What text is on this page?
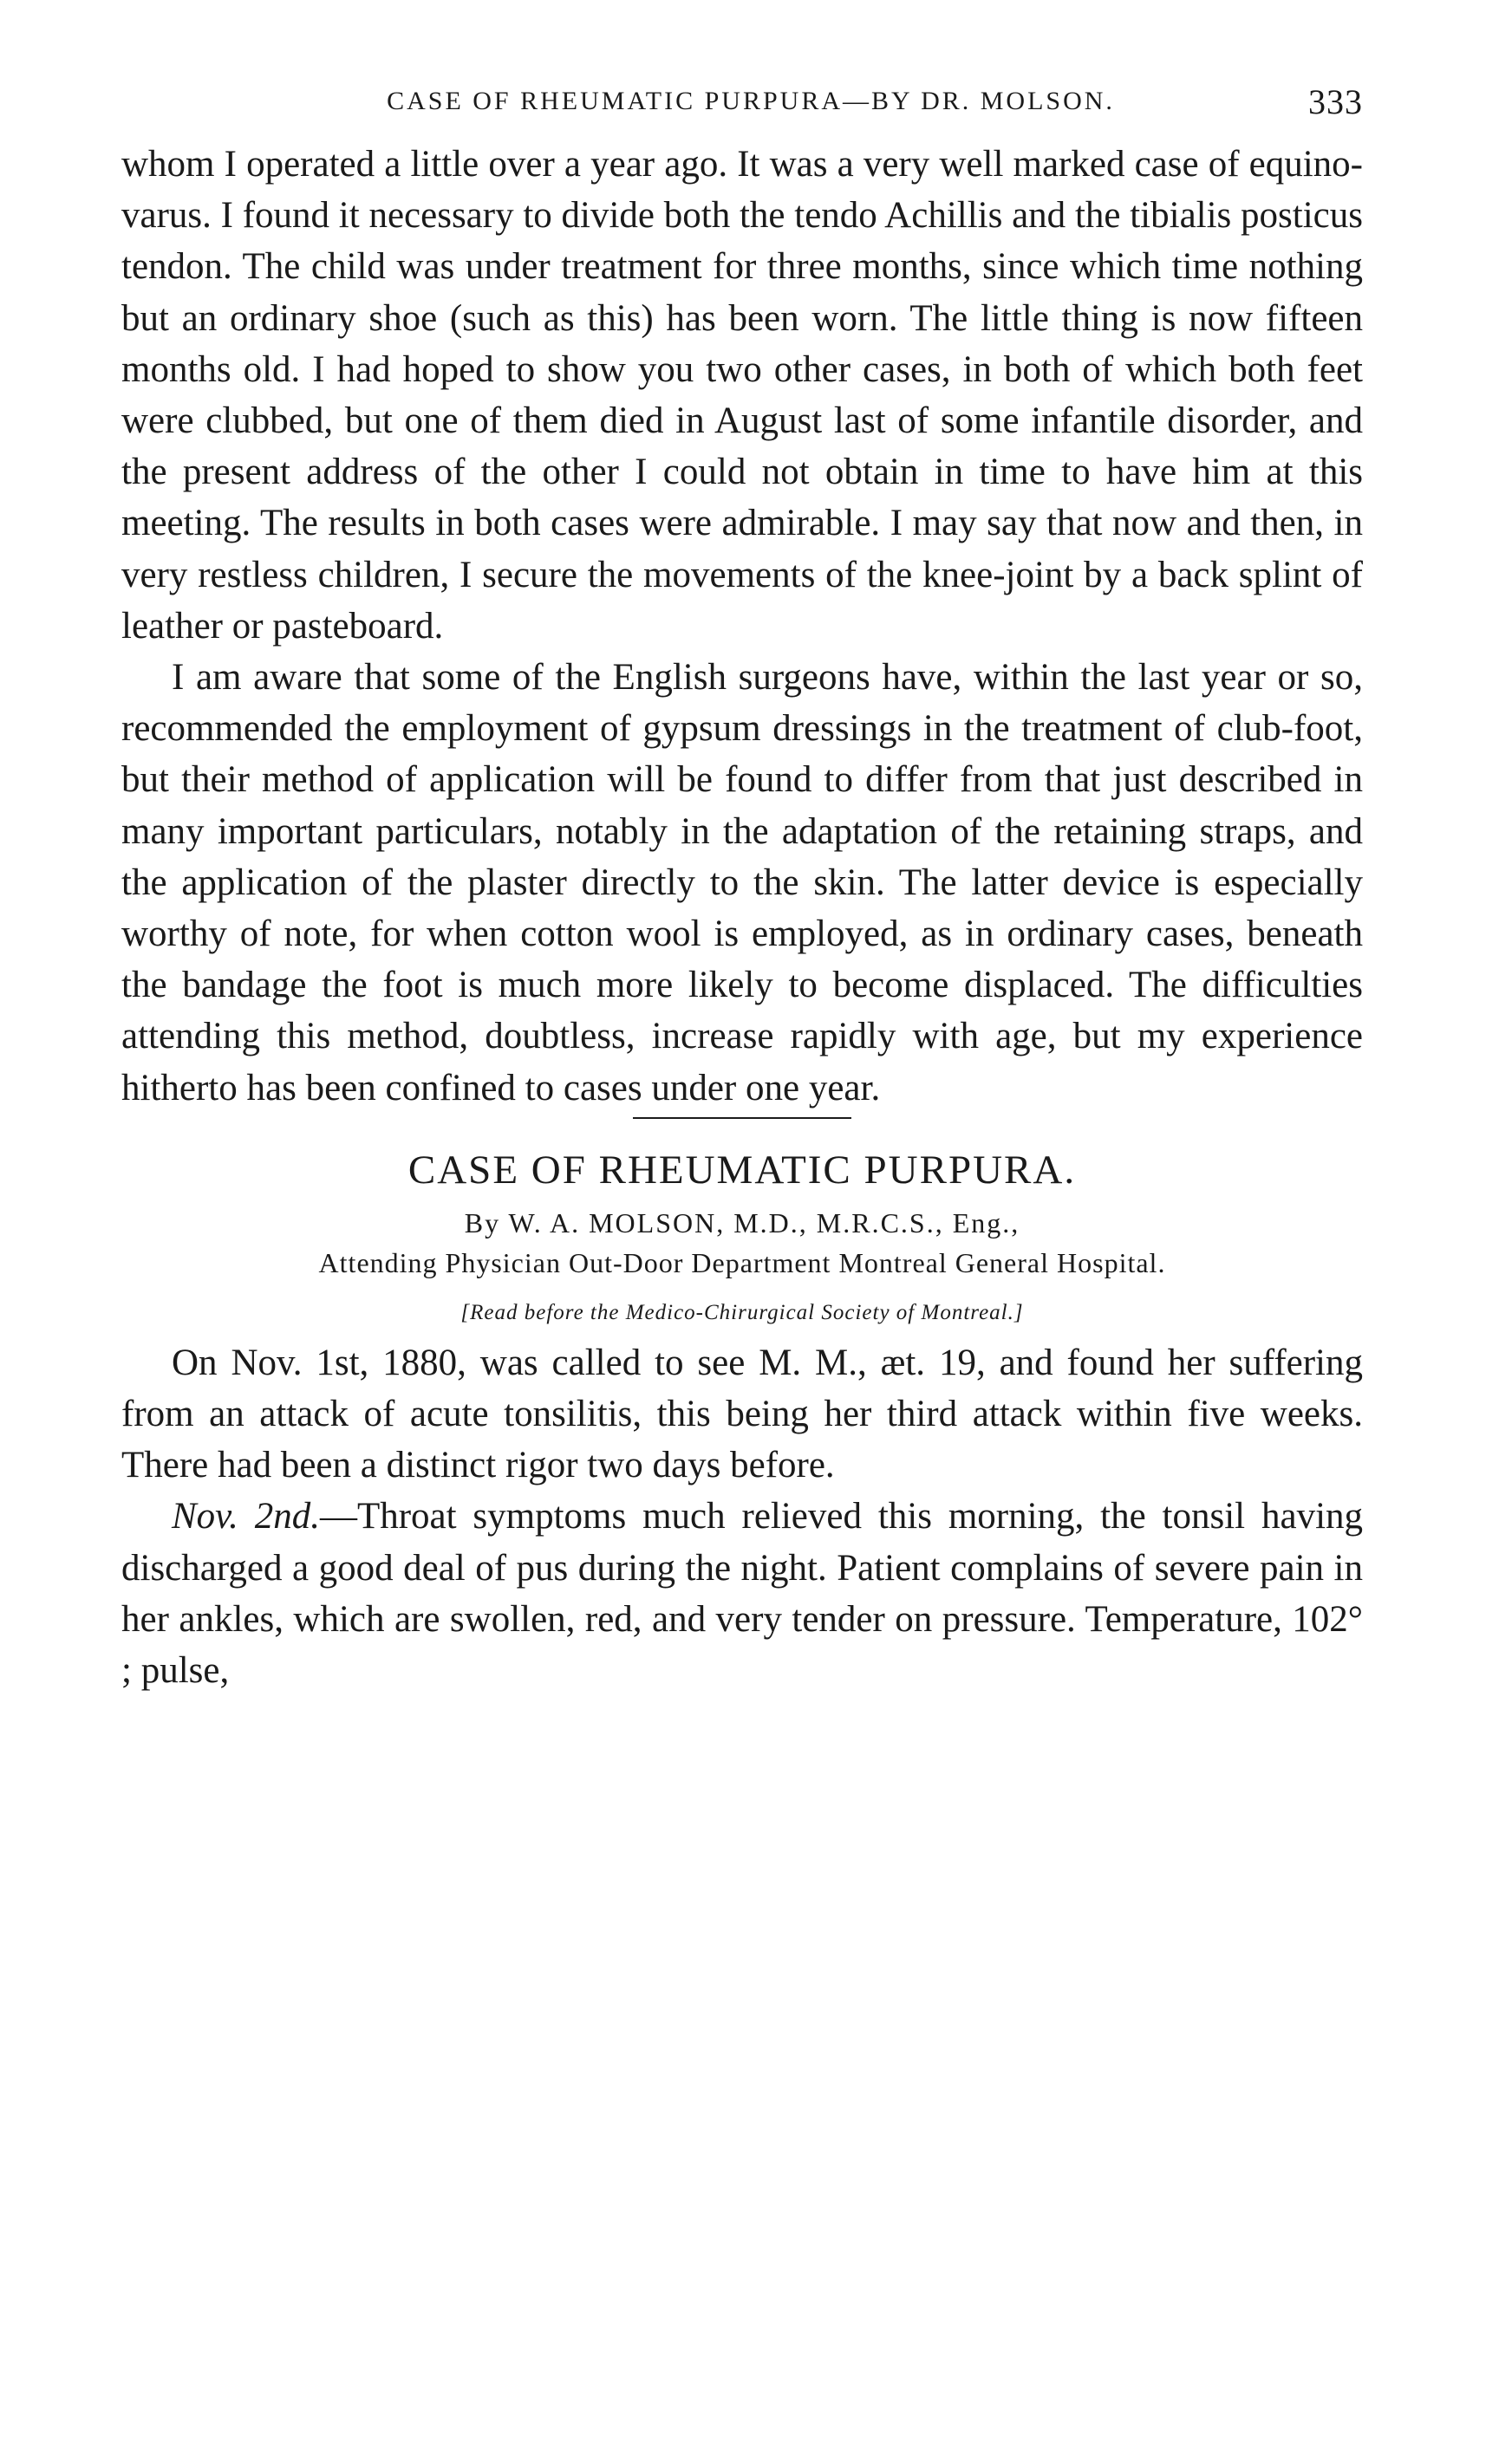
CASE OF RHEUMATIC PURPURA—BY DR. MOLSON.	333

whom I operated a little over a year ago. It was a very well marked case of equino-varus. I found it necessary to divide both the tendo Achillis and the tibialis posticus tendon. The child was under treatment for three months, since which time nothing but an ordinary shoe (such as this) has been worn. The little thing is now fifteen months old. I had hoped to show you two other cases, in both of which both feet were clubbed, but one of them died in August last of some infantile disorder, and the present address of the other I could not obtain in time to have him at this meeting. The results in both cases were admirable. I may say that now and then, in very restless children, I secure the movements of the knee-joint by a back splint of leather or pasteboard.

I am aware that some of the English surgeons have, within the last year or so, recommended the employment of gypsum dressings in the treatment of club-foot, but their method of application will be found to differ from that just described in many important particulars, notably in the adaptation of the retaining straps, and the application of the plaster directly to the skin. The latter device is especially worthy of note, for when cotton wool is employed, as in ordinary cases, beneath the bandage the foot is much more likely to become displaced. The difficulties attending this method, doubtless, increase rapidly with age, but my experience hitherto has been confined to cases under one year.

CASE OF RHEUMATIC PURPURA.

By W. A. MOLSON, M.D., M.R.C.S., Eng.,

Attending Physician Out-Door Department Montreal General Hospital.

[Read before the Medico-Chirurgical Society of Montreal.]

On Nov. 1st, 1880, was called to see M. M., æt. 19, and found her suffering from an attack of acute tonsilitis, this being her third attack within five weeks. There had been a distinct rigor two days before.

Nov. 2nd.—Throat symptoms much relieved this morning, the tonsil having discharged a good deal of pus during the night. Patient complains of severe pain in her ankles, which are swollen, red, and very tender on pressure. Temperature, 102° ; pulse,
